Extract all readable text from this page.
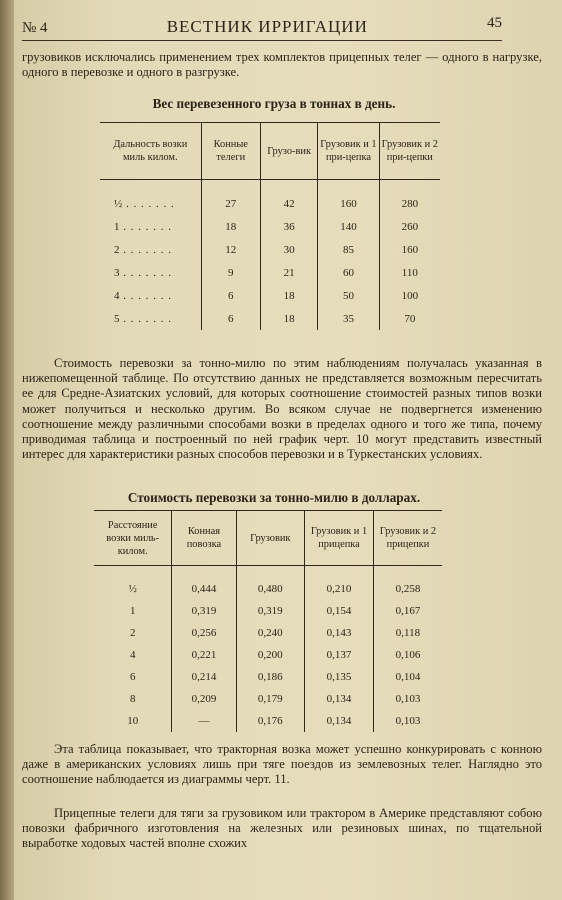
№ 4	ВЕСТНИК ИРРИГАЦИИ	45
грузовиков исключались применением трех комплектов прицепных телег — одного в нагрузке, одного в перевозке и одного в разгрузке.
Вес перевезенного груза в тоннах в день.
Дальность возки миль килом.	Конные телеги	Грузо-вик	Грузовик и 1 при-цепка	Грузовик и 2 при-цепки

½ . . . . . . .	27	42	160	280
1 . . . . . . .	18	36	140	260
2 . . . . . . .	12	30	85	160
3 . . . . . . .	9	21	60	110
4 . . . . . . .	6	18	50	100
5 . . . . . . .	6	18	35	70
Стоимость перевозки за тонно-милю по этим наблюдениям получалась указанная в нижепомещенной таблице. По отсутствию данных не представляется возможным пересчитать ее для Средне-Азиатских условий, для которых соотношение стоимостей разных типов возки может получиться и несколько другим. Во всяком случае не подвергнется изменению соотношение между различными способами возки в пределах одного и того же типа, почему приводимая таблица и построенный по ней график черт. 10 могут представить известный интерес для характеристики разных способов перевозки и в Туркестанских условиях.
Стоимость перевозки за тонно-милю в долларах.
Расстояние возки миль-килом.	Конная повозка	Грузовик	Грузовик и 1 прицепка	Грузовик и 2 прицепки

½	0,444	0,480	0,210	0,258
1	0,319	0,319	0,154	0,167
2	0,256	0,240	0,143	0,118
4	0,221	0,200	0,137	0,106
6	0,214	0,186	0,135	0,104
8	0,209	0,179	0,134	0,103
10	—	0,176	0,134	0,103
Эта таблица показывает, что тракторная возка может успешно конкурировать с конною даже в американских условиях лишь при тяге поездов из землевозных телег. Наглядно это соотношение наблюдается из диаграммы черт. 11.
Прицепные телеги для тяги за грузовиком или трактором в Америке представляют собою повозки фабричного изготовления на железных или резиновых шинах, по тщательной выработке ходовых частей вполне схожих
